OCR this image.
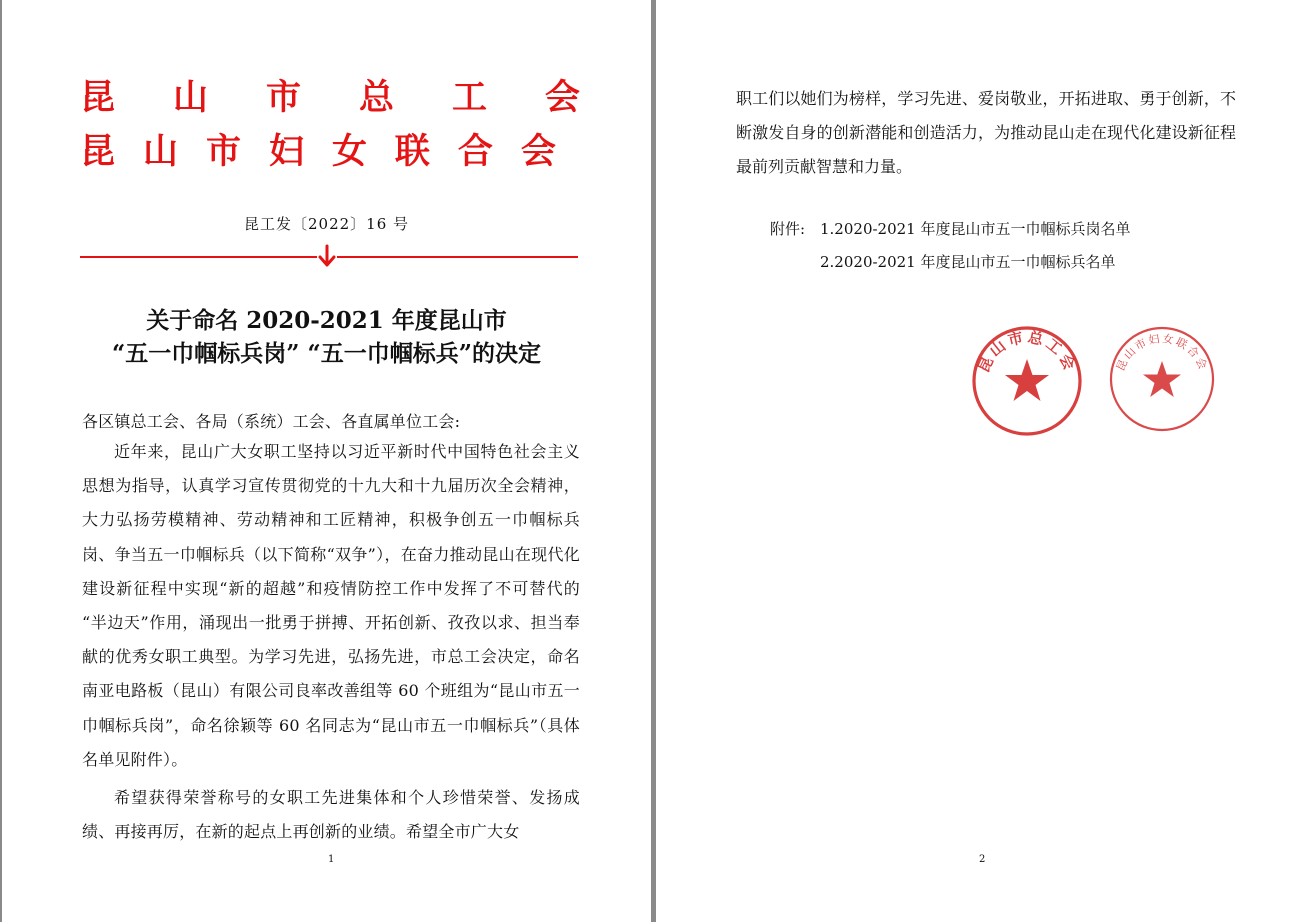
昆 山 市 总 工 会
昆 山 市 妇 女 联 合 会
昆工发〔2022〕16 号
关于命名 2020-2021 年度昆山市
“五一巾帼标兵岗” “五一巾帼标兵”的决定
各区镇总工会、各局（系统）工会、各直属单位工会:
近年来，昆山广大女职工坚持以习近平新时代中国特色社会主义思想为指导，认真学习宣传贯彻党的十九大和十九届历次全会精神，大力弘扬劳模精神、劳动精神和工匠精神，积极争创五一巾帼标兵岗、争当五一巾帼标兵（以下简称“双争”），在奋力推动昆山在现代化建设新征程中实现“新的超越”和疫情防控工作中发挥了不可替代的 “半边天”作用，涌现出一批勇于拼搏、开拓创新、孜孜以求、担当奉献的优秀女职工典型。为学习先进，弘扬先进，市总工会决定，命名南亚电路板（昆山）有限公司良率改善组等 60 个班组为“昆山市五一巾帼标兵岗”，命名徐颖等 60 名同志为“昆山市五一巾帼标兵”（具体名单见附件）。
希望获得荣誉称号的女职工先进集体和个人珍惜荣誉、发扬成绩、再接再厉，在新的起点上再创新的业绩。希望全市广大女
1
职工们以她们为榜样，学习先进、爱岗敬业，开拓进取、勇于创新，不断激发自身的创新潜能和创造活力，为推动昆山走在现代化建设新征程最前列贡献智慧和力量。
附件: 1.2020-2021 年度昆山市五一巾帼标兵岗名单
2.2020-2021 年度昆山市五一巾帼标兵名单
昆山市总工会	昆山市妇女联合会
2
